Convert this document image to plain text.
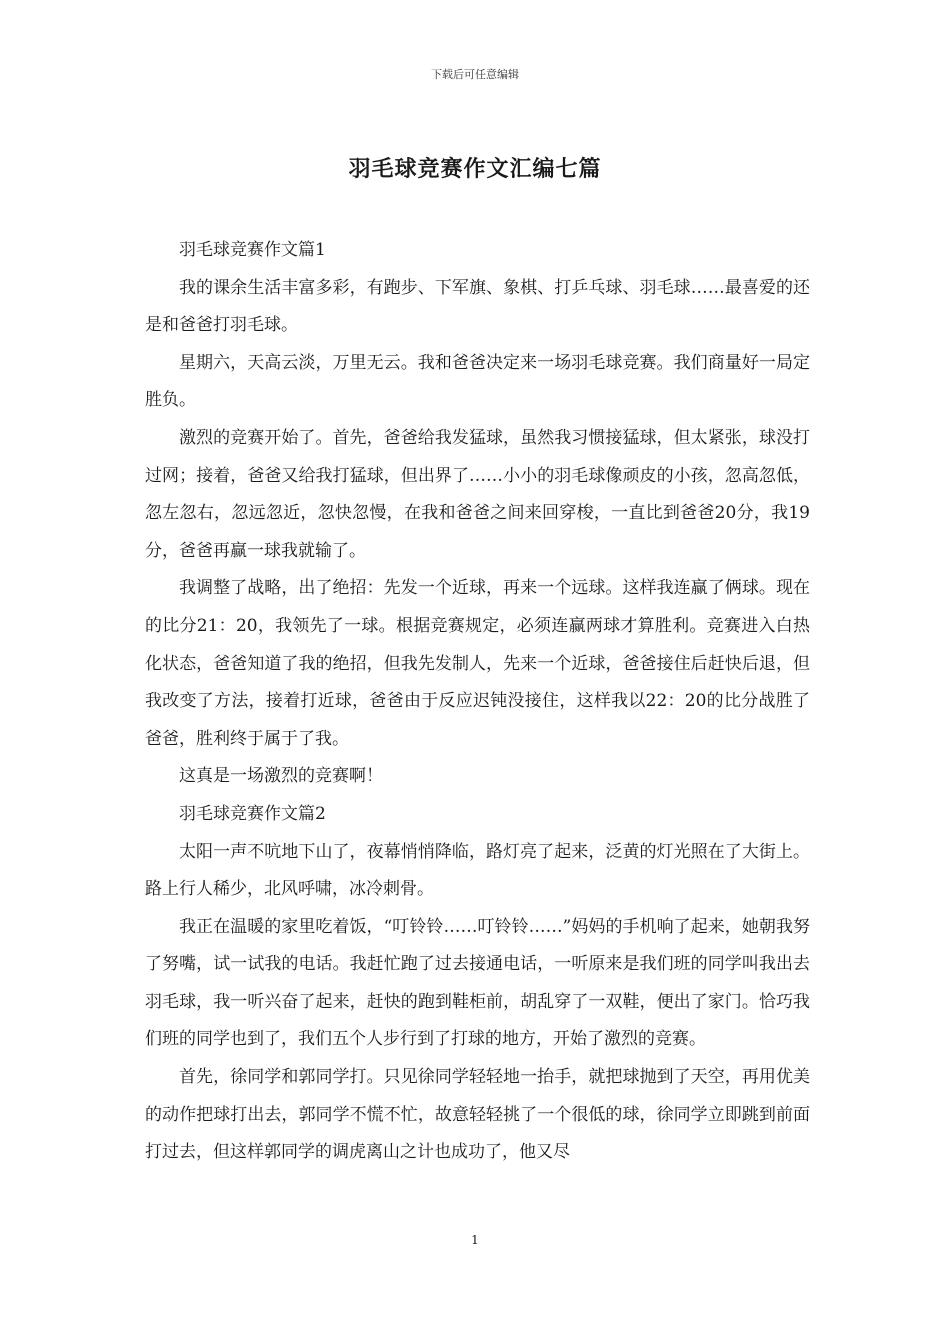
下载后可任意编辑
羽毛球竞赛作文汇编七篇

羽毛球竞赛作文篇1

我的课余生活丰富多彩，有跑步、下军旗、象棋、打乒乓球、羽毛球……最喜爱的还是和爸爸打羽毛球。

星期六，天高云淡，万里无云。我和爸爸决定来一场羽毛球竞赛。我们商量好一局定胜负。

激烈的竞赛开始了。首先，爸爸给我发猛球，虽然我习惯接猛球，但太紧张，球没打过网；接着，爸爸又给我打猛球，但出界了……小小的羽毛球像顽皮的小孩，忽高忽低，忽左忽右，忽远忽近，忽快忽慢，在我和爸爸之间来回穿梭，一直比到爸爸20分，我19分，爸爸再赢一球我就输了。

我调整了战略，出了绝招：先发一个近球，再来一个远球。这样我连赢了俩球。现在的比分21：20，我领先了一球。根据竞赛规定，必须连赢两球才算胜利。竞赛进入白热化状态，爸爸知道了我的绝招，但我先发制人，先来一个近球，爸爸接住后赶快后退，但我改变了方法，接着打近球，爸爸由于反应迟钝没接住，这样我以22：20的比分战胜了爸爸，胜利终于属于了我。

这真是一场激烈的竞赛啊！

羽毛球竞赛作文篇2

太阳一声不吭地下山了，夜幕悄悄降临，路灯亮了起来，泛黄的灯光照在了大街上。路上行人稀少，北风呼啸，冰冷刺骨。

我正在温暖的家里吃着饭，“叮铃铃……叮铃铃……”妈妈的手机响了起来，她朝我努了努嘴，试一试我的电话。我赶忙跑了过去接通电话，一听原来是我们班的同学叫我出去羽毛球，我一听兴奋了起来，赶快的跑到鞋柜前，胡乱穿了一双鞋，便出了家门。恰巧我们班的同学也到了，我们五个人步行到了打球的地方，开始了激烈的竞赛。

首先，徐同学和郭同学打。只见徐同学轻轻地一抬手，就把球抛到了天空，再用优美的动作把球打出去，郭同学不慌不忙，故意轻轻挑了一个很低的球，徐同学立即跳到前面打过去，但这样郭同学的调虎离山之计也成功了，他又尽

1
